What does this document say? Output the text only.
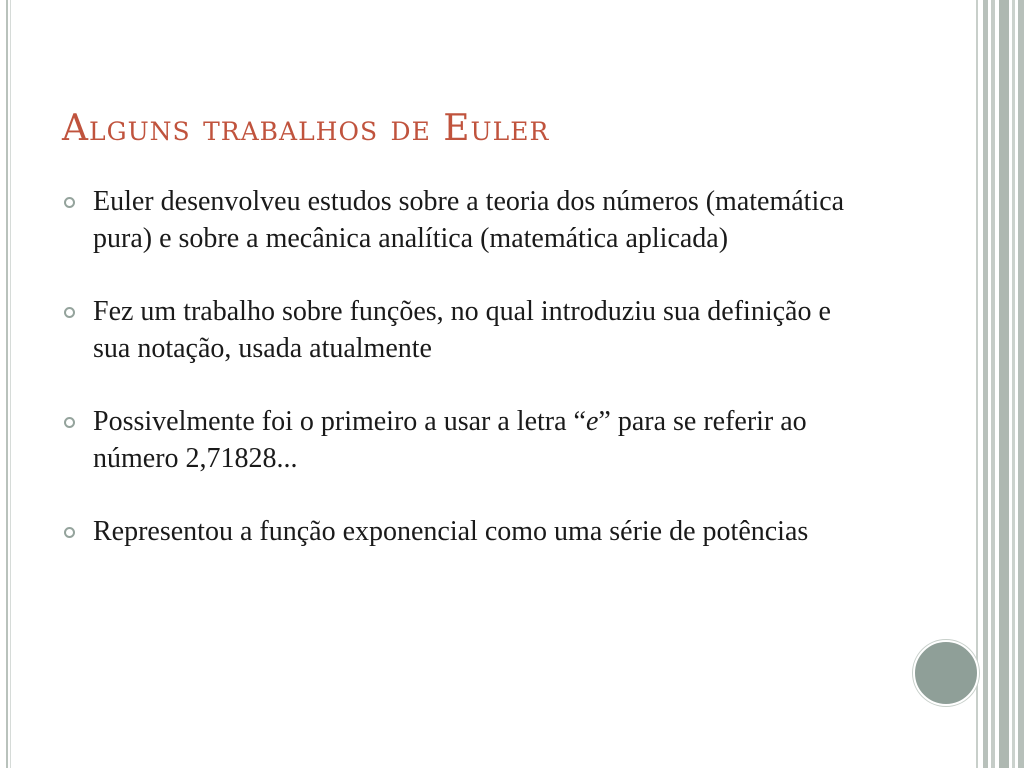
Alguns trabalhos de Euler
Euler desenvolveu estudos sobre a teoria dos números (matemática pura) e sobre a mecânica analítica (matemática aplicada)
Fez um trabalho sobre funções, no qual introduziu sua definição e sua notação, usada atualmente
Possivelmente foi o primeiro a usar a letra “e” para se referir ao número 2,71828...
Representou a função exponencial como uma série de potências
